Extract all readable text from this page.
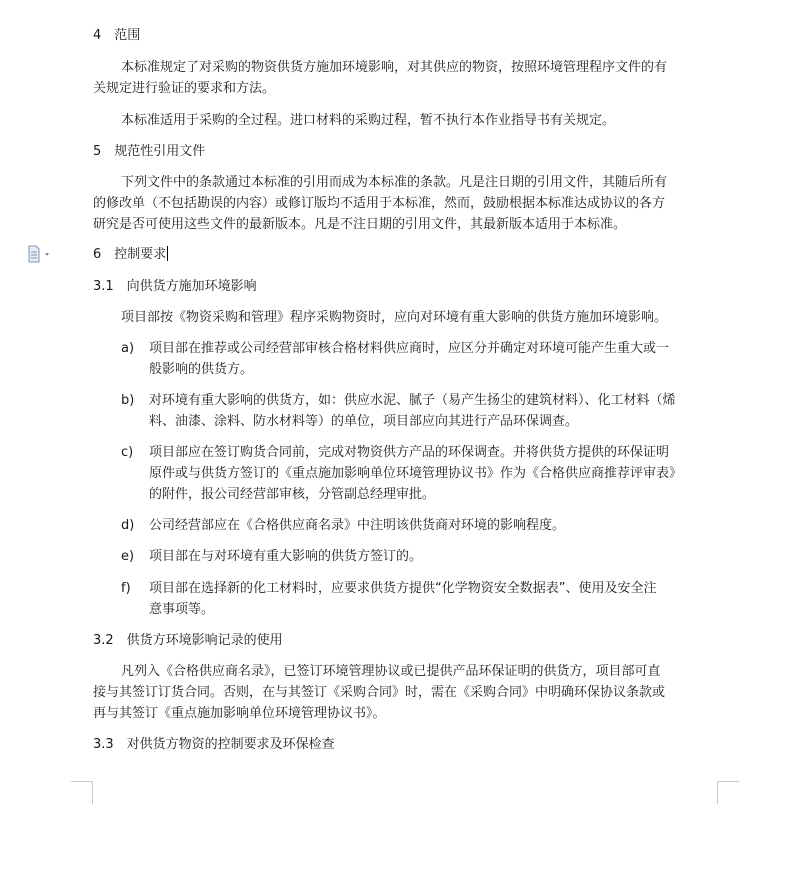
4　范围
本标准规定了对采购的物资供货方施加环境影响，对其供应的物资，按照环境管理程序文件的有
关规定进行验证的要求和方法。
本标准适用于采购的全过程。进口材料的采购过程，暂不执行本作业指导书有关规定。
5　规范性引用文件
下列文件中的条款通过本标准的引用而成为本标准的条款。凡是注日期的引用文件，其随后所有
的修改单（不包括勘误的内容）或修订版均不适用于本标准，然而，鼓励根据本标准达成协议的各方
研究是否可使用这些文件的最新版本。凡是不注日期的引用文件，其最新版本适用于本标准。
6　控制要求
3.1　向供货方施加环境影响
项目部按《物资采购和管理》程序采购物资时，应向对环境有重大影响的供货方施加环境影响。
a) 项目部在推荐或公司经营部审核合格材料供应商时，应区分并确定对环境可能产生重大或一
般影响的供货方。
b) 对环境有重大影响的供货方，如：供应水泥、腻子（易产生扬尘的建筑材料）、化工材料（烯
料、油漆、涂料、防水材料等）的单位，项目部应向其进行产品环保调查。
c) 项目部应在签订购货合同前，完成对物资供方产品的环保调查。并将供货方提供的环保证明
原件或与供货方签订的《重点施加影响单位环境管理协议书》作为《合格供应商推荐评审表》
的附件，报公司经营部审核，分管副总经理审批。
d) 公司经营部应在《合格供应商名录》中注明该供货商对环境的影响程度。
e) 项目部在与对环境有重大影响的供货方签订的。
f) 项目部在选择新的化工材料时，应要求供货方提供“化学物资安全数据表”、使用及安全注
意事项等。
3.2　供货方环境影响记录的使用
凡列入《合格供应商名录》，已签订环境管理协议或已提供产品环保证明的供货方，项目部可直
接与其签订订货合同。否则，在与其签订《采购合同》时，需在《采购合同》中明确环保协议条款或
再与其签订《重点施加影响单位环境管理协议书》。
3.3　对供货方物资的控制要求及环保检查
